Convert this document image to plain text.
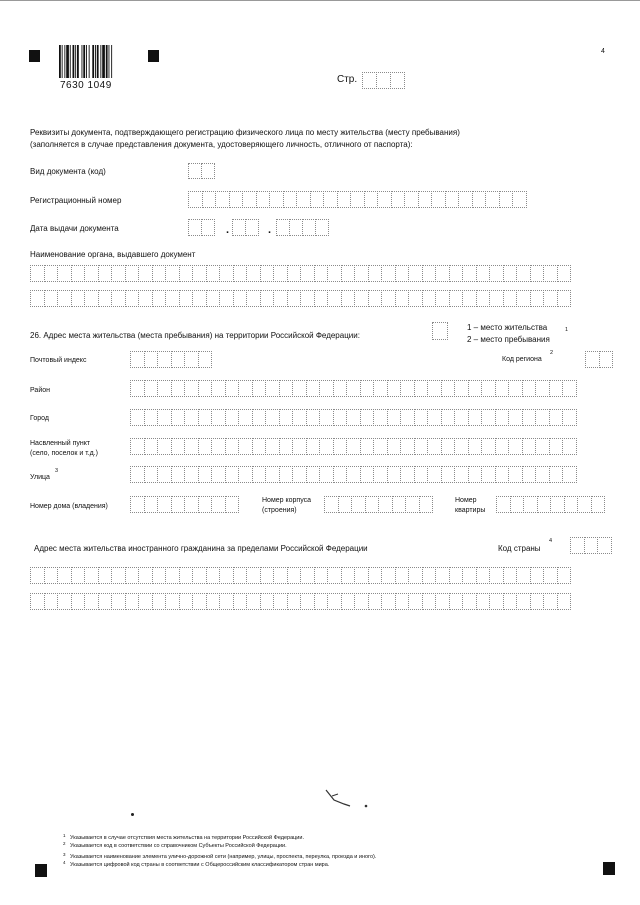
7630 1049
4
Стр.
Реквизиты документа, подтверждающего регистрацию физического лица по месту жительства (месту пребывания)
(заполняется в случае представления документа, удостоверяющего личность, отличного от паспорта):
Вид документа (код)
Регистрационный номер
Дата выдачи документа	.	.
Наименование органа, выдавшего документ
26. Адрес места жительства (места пребывания) на территории Российской Федерации:
1 – место жительства
2 – место пребывания
1
Почтовый индекс	Код региона
2
Район
Город
Насвленный пункт
(село, поселок и т.д.)
Улица
3
Номер дома (владения)
Номер корпуса
(строения)
Номер
квартиры
Адрес места жительства иностранного гражданина за пределами Российской Федерации	Код страны
4
1 Указывается в случае отсутствия места жительства на территории Российской Федерации.
2 Указывается код в соответствии со справочником Субъекты Российской Федерации.
3 Указывается наименование элемента улично-дорожной сети (например, улицы, проспекта, переулка, проезда и иного).
4 Указывается цифровой код страны в соответствии с Общероссийским классификатором стран мира.
